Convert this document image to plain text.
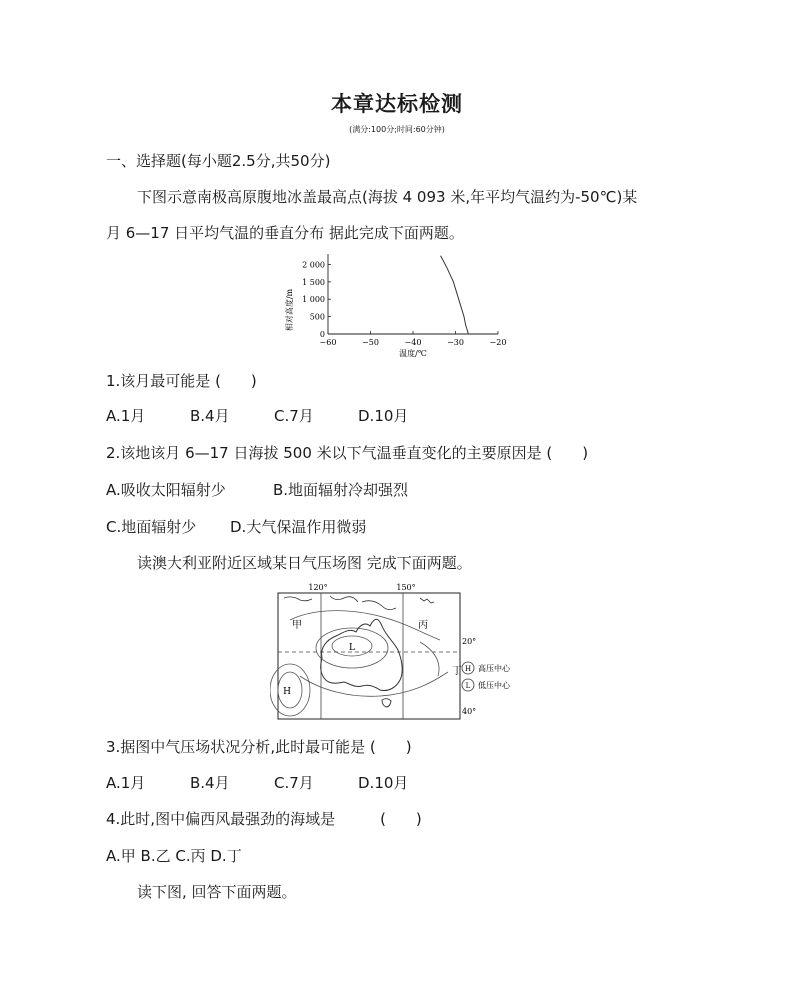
本章达标检测
(满分:100分;时间:60分钟)
一、选择题(每小题2.5分,共50分)
下图示意南极高原腹地冰盖最高点(海拔 4 093 米,年平均气温约为-50℃)某
月 6—17 日平均气温的垂直分布 据此完成下面两题。
相对高度/m
2 000
1 500
1 000
500
0
−60	−50	−40	−30	−20
温度/℃
1.该月最可能是 (　　)
A.1月	B.4月	C.7月	D.10月
2.该地该月 6—17 日海拔 500 米以下气温垂直变化的主要原因是 (　　)
A.吸收太阳辐射少	B.地面辐射冷却强烈
C.地面辐射少 D.大气保温作用微弱
读澳大利亚附近区域某日气压场图 完成下面两题。
120°	150°
L
H
甲	丙
丁
20°
40°
H 高压中心
L 低压中心
3.据图中气压场状况分析,此时最可能是 (　　)
A.1月	B.4月	C.7月	D.10月
4.此时,图中偏西风最强劲的海域是　　　(　　)
A.甲 B.乙 C.丙 D.丁
读下图, 回答下面两题。
